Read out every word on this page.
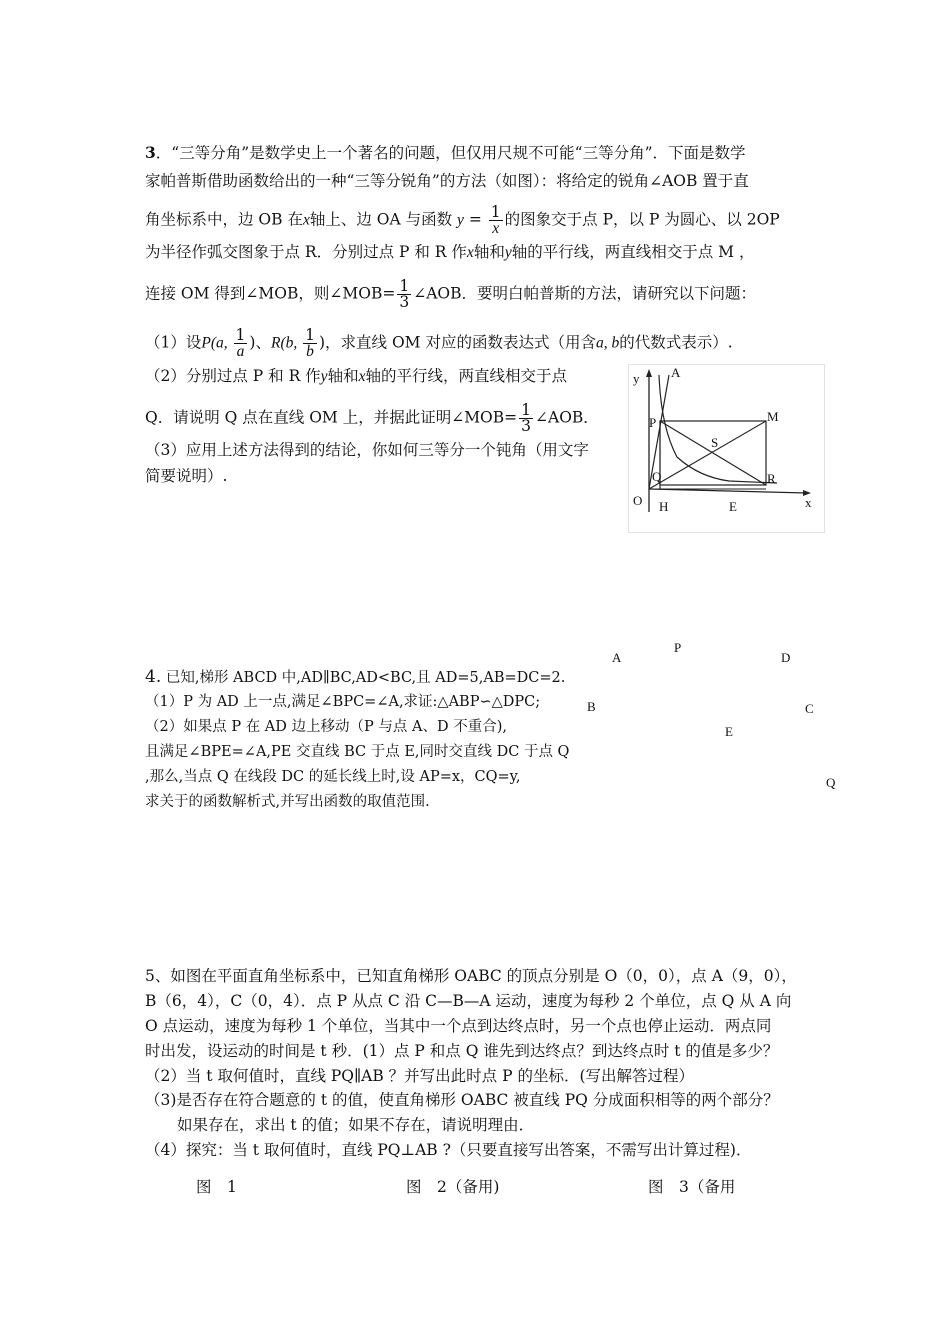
3．“三等分角”是数学史上一个著名的问题，但仅用尺规不可能“三等分角”．下面是数学
家帕普斯借助函数给出的一种“三等分锐角”的方法（如图）：将给定的锐角∠AOB 置于直
角坐标系中，边 OB 在x轴上、边 OA 与函数 $y = \frac{1}{x}$ 的图象交于点 P，以 P 为圆心、以 2OP
为半径作弧交图象于点 R．分别过点 P 和 R 作x轴和y轴的平行线，两直线相交于点 M ，
连接 OM 得到∠MOB，则∠MOB= $\frac{1}{3}$ ∠AOB．要明白帕普斯的方法，请研究以下问题：
（1）设P(a, $\frac{1}{a}$ )、R(b, $\frac{1}{b}$ )，求直线 OM 对应的函数表达式（用含a, b的代数式表示）.
（2）分别过点 P 和 R 作y轴和x轴的平行线，两直线相交于点
Q．请说明 Q 点在直线 OM 上，并据此证明∠MOB= $\frac{1}{3}$ ∠AOB．
（3）应用上述方法得到的结论，你如何三等分一个钝角（用文字
简要说明）.
y A
P	M
S
Q	R
O H	E	x
4. 已知,梯形 ABCD 中,AD∥BC,AD<BC,且 AD=5,AB=DC=2.
（1）P 为 AD 上一点,满足∠BPC=∠A,求证:△ABP∽△DPC;
（2）如果点 P 在 AD 边上移动（P 与点 A、D 不重合),
且满足∠BPE=∠A,PE 交直线 BC 于点 E,同时交直线 DC 于点 Q
,那么,当点 Q 在线段 DC 的延长线上时,设 AP=x，CQ=y,
求关于的函数解析式,并写出函数的取值范围.
A
P
D
B	C
E
Q
5、如图在平面直角坐标系中，已知直角梯形 OABC 的顶点分别是 O（0，0），点 A（9，0），
B（6，4），C（0，4）．点 P 从点 C 沿 C—B—A 运动，速度为每秒 2 个单位，点 Q 从 A 向
O 点运动，速度为每秒 1 个单位，当其中一个点到达终点时，另一个点也停止运动．两点同
时出发，设运动的时间是 t 秒．(1）点 P 和点 Q 谁先到达终点？到达终点时 t 的值是多少？
（2）当 t 取何值时，直线 PQ∥AB ？并写出此时点 P 的坐标．(写出解答过程）
（3)是否存在符合题意的 t 的值，使直角梯形 OABC 被直线 PQ 分成面积相等的两个部分？
如果存在，求出 t 的值；如果不存在，请说明理由．
（4）探究：当 t 取何值时，直线 PQ⊥AB ?（只要直接写出答案，不需写出计算过程)．
图　1	图　2（备用)	图　3（备用
